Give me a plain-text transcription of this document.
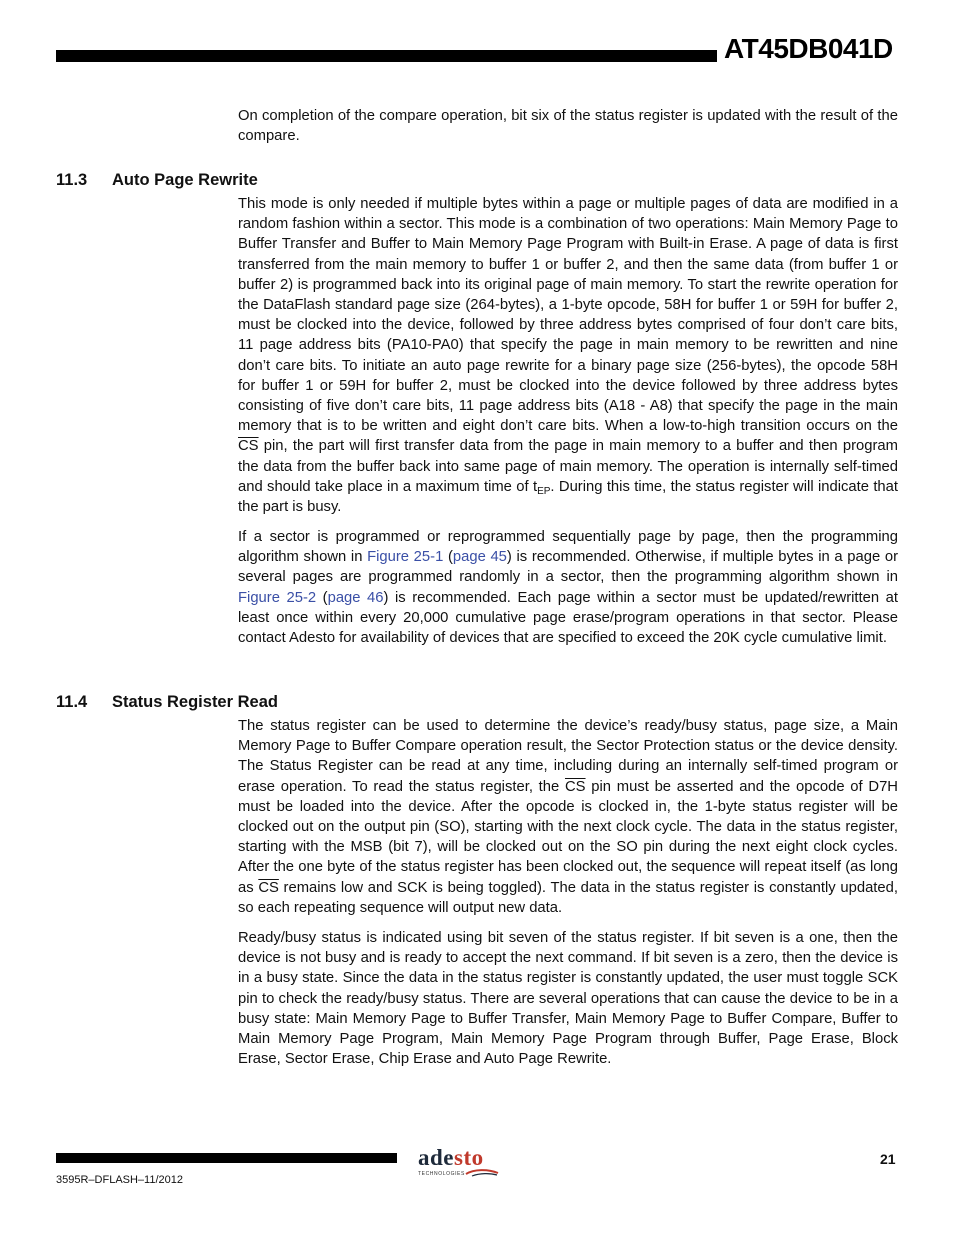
AT45DB041D

On completion of the compare operation, bit six of the status register is updated with the result of the compare.

11.3 Auto Page Rewrite

This mode is only needed if multiple bytes within a page or multiple pages of data are modified in a random fashion within a sector. This mode is a combination of two operations: Main Memory Page to Buffer Transfer and Buffer to Main Memory Page Program with Built-in Erase. A page of data is first transferred from the main memory to buffer 1 or buffer 2, and then the same data (from buffer 1 or buffer 2) is programmed back into its original page of main memory. To start the rewrite operation for the DataFlash standard page size (264-bytes), a 1-byte opcode, 58H for buffer 1 or 59H for buffer 2, must be clocked into the device, followed by three address bytes comprised of four don’t care bits, 11 page address bits (PA10-PA0) that specify the page in main memory to be rewritten and nine don’t care bits. To initiate an auto page rewrite for a binary page size (256-bytes), the opcode 58H for buffer 1 or 59H for buffer 2, must be clocked into the device followed by three address bytes consisting of five don’t care bits, 11 page address bits (A18 - A8) that specify the page in the main memory that is to be written and eight don’t care bits. When a low-to-high transition occurs on the $\overline{CS}$ pin, the part will first transfer data from the page in main memory to a buffer and then program the data from the buffer back into same page of main memory. The operation is internally self-timed and should take place in a maximum time of $t_{EP}$. During this time, the status register will indicate that the part is busy.

If a sector is programmed or reprogrammed sequentially page by page, then the programming algorithm shown in Figure 25-1 (page 45) is recommended. Otherwise, if multiple bytes in a page or several pages are programmed randomly in a sector, then the programming algorithm shown in Figure 25-2 (page 46) is recommended. Each page within a sector must be updated/rewritten at least once within every 20,000 cumulative page erase/program operations in that sector. Please contact Adesto for availability of devices that are specified to exceed the 20K cycle cumulative limit.

11.4 Status Register Read

The status register can be used to determine the device’s ready/busy status, page size, a Main Memory Page to Buffer Compare operation result, the Sector Protection status or the device density. The Status Register can be read at any time, including during an internally self-timed program or erase operation. To read the status register, the $\overline{CS}$ pin must be asserted and the opcode of D7H must be loaded into the device. After the opcode is clocked in, the 1-byte status register will be clocked out on the output pin (SO), starting with the next clock cycle. The data in the status register, starting with the MSB (bit 7), will be clocked out on the SO pin during the next eight clock cycles. After the one byte of the status register has been clocked out, the sequence will repeat itself (as long as $\overline{CS}$ remains low and SCK is being toggled). The data in the status register is constantly updated, so each repeating sequence will output new data.

Ready/busy status is indicated using bit seven of the status register. If bit seven is a one, then the device is not busy and is ready to accept the next command. If bit seven is a zero, then the device is in a busy state. Since the data in the status register is constantly updated, the user must toggle SCK pin to check the ready/busy status. There are several operations that can cause the device to be in a busy state: Main Memory Page to Buffer Transfer, Main Memory Page to Buffer Compare, Buffer to Main Memory Page Program, Main Memory Page Program through Buffer, Page Erase, Block Erase, Sector Erase, Chip Erase and Auto Page Rewrite.

3595R–DFLASH–11/2012
adesto
TECHNOLOGIES
21
